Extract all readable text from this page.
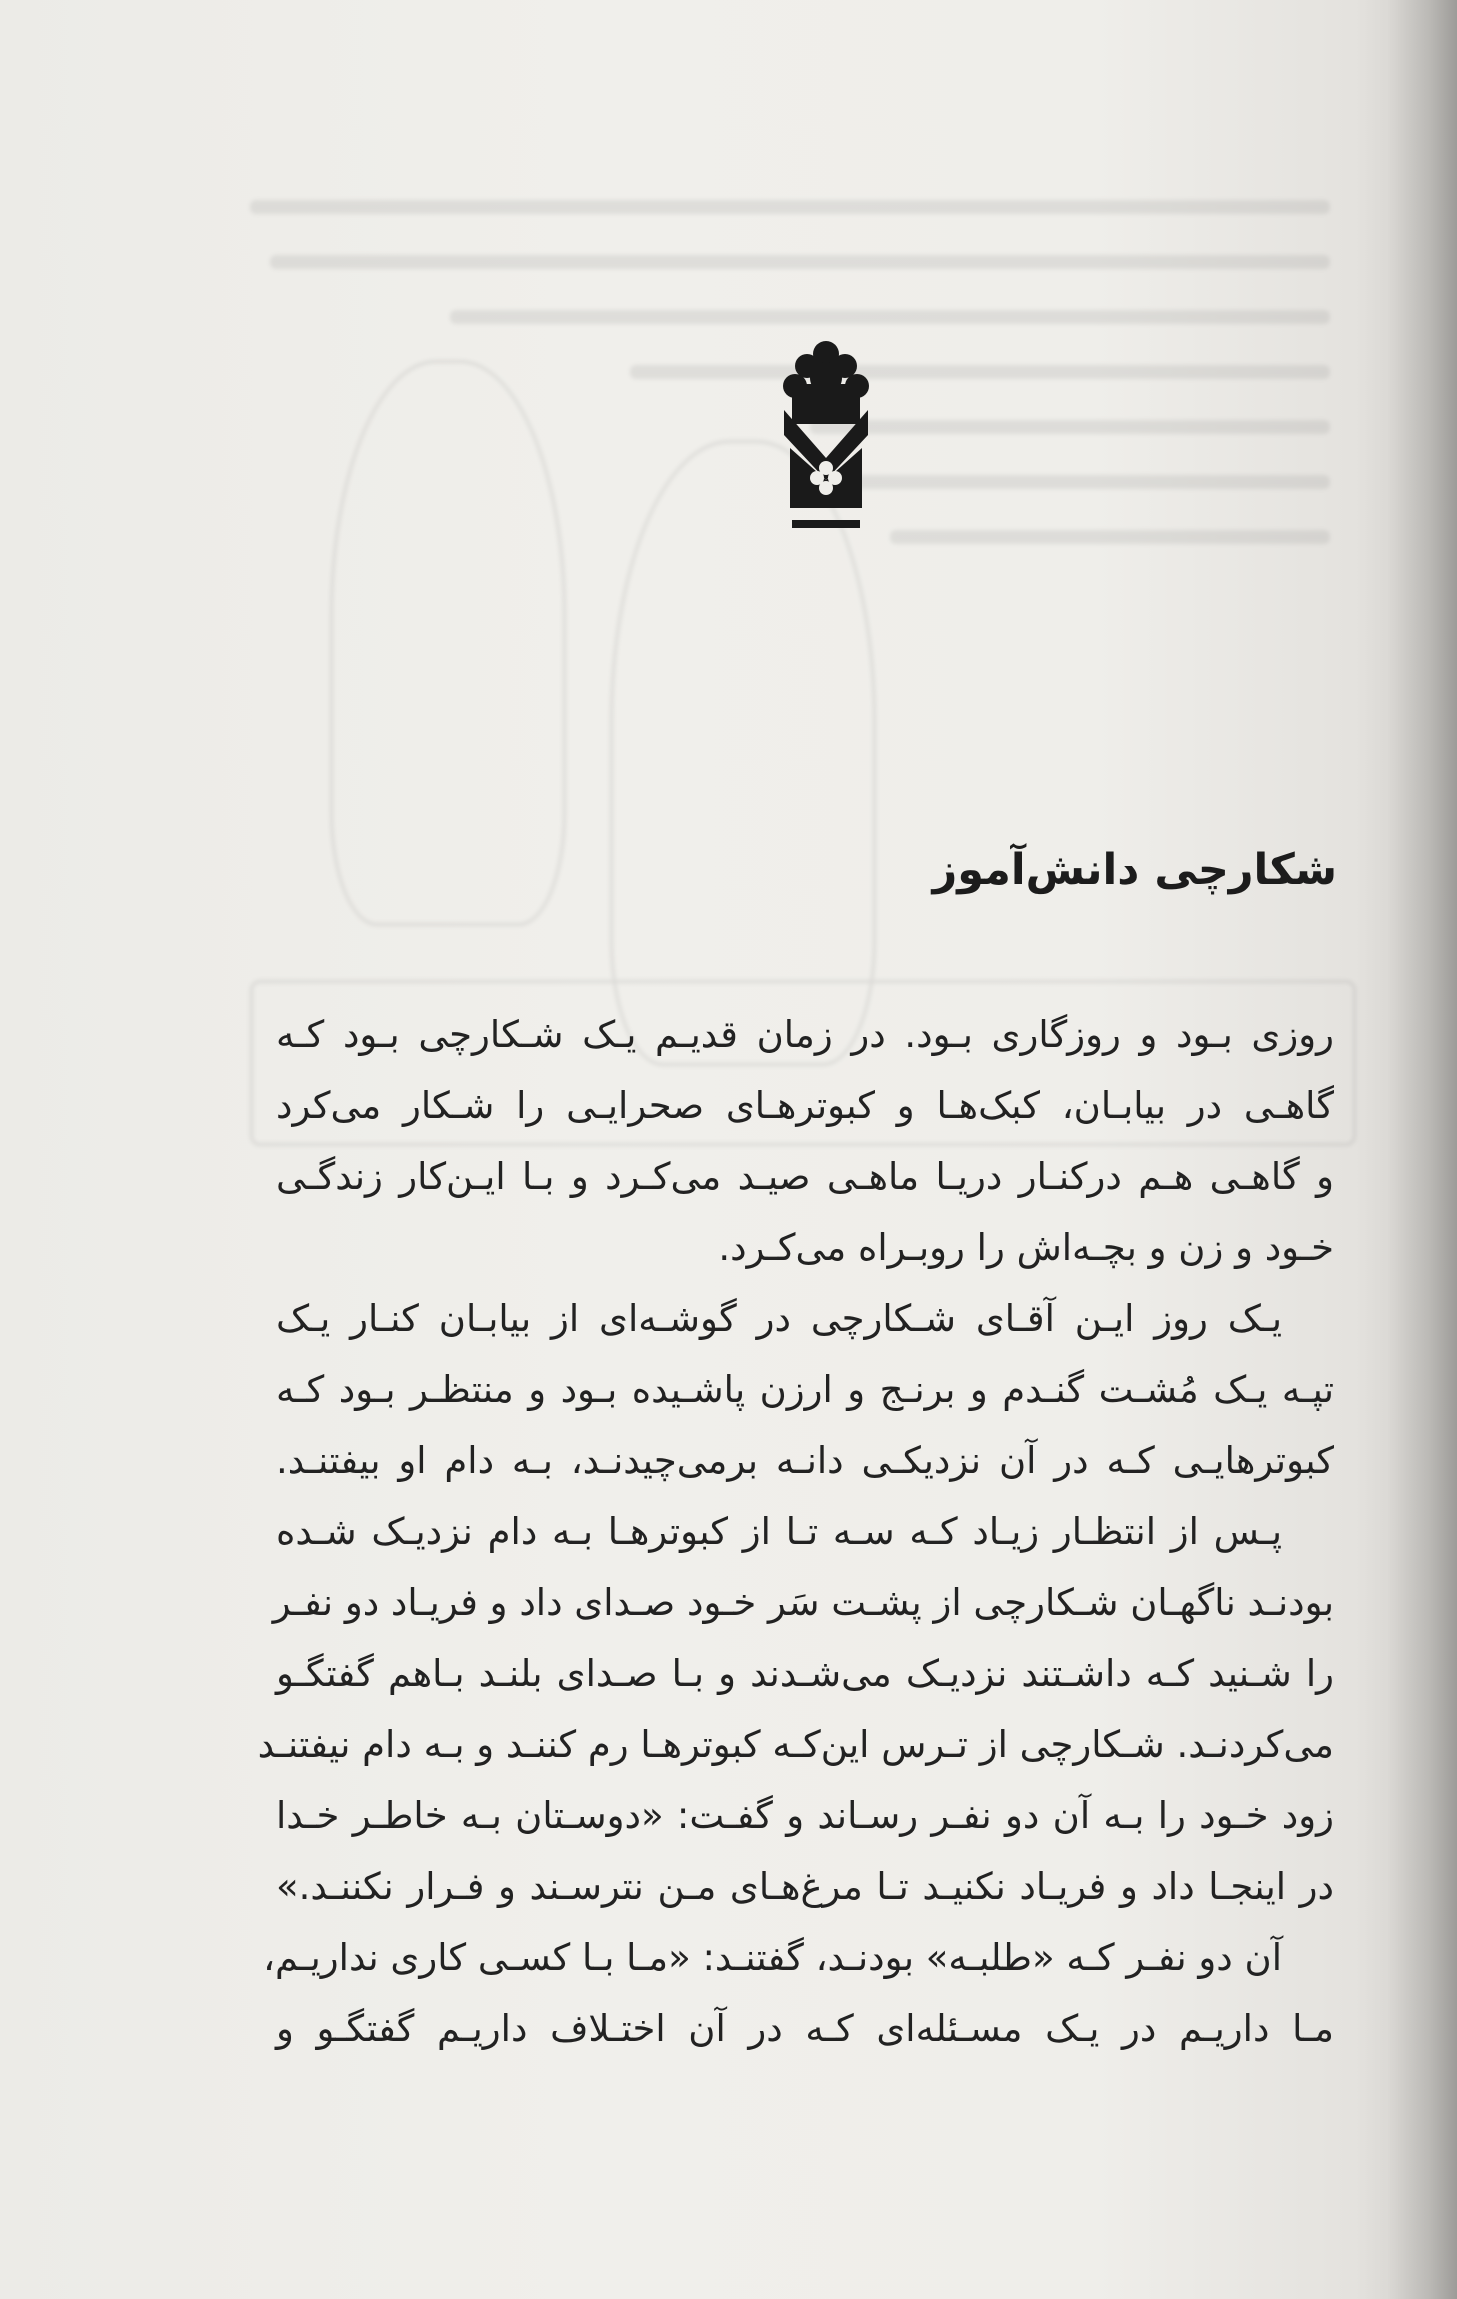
شکارچی دانش‌آموز
روزی بـود و روزگاری بـود. در زمان قدیـم یـک شـکارچی بـود کـه
گاهـی در بیابـان، کبک‌هـا و کبوترهـای صحرایـی را شـکار می‌کرد
و گاهـی هـم درکنـار دریـا ماهـی صیـد می‌کـرد و بـا ایـن‌کار زندگـی
خـود و زن و بچـه‌اش را روبـراه می‌کـرد.
یـک روز ایـن آقـای شـکارچی در گوشـه‌ای از بیابـان کنـار یـک
تپـه یـک مُشـت گنـدم و برنـج و ارزن پاشـیده بـود و منتظـر بـود کـه
کبوترهایـی کـه در آن نزدیکـی دانـه برمی‌چیدنـد، بـه دام او بیفتنـد.
پـس از انتظـار زیـاد کـه سـه تـا از کبوترهـا بـه دام نزدیـک شـده
بودنـد ناگهـان شـکارچی از پشـت سَر خـود صـدای داد و فریـاد دو نفـر
را شـنید کـه داشـتند نزدیـک می‌شـدند و بـا صـدای بلنـد بـاهم گفتگـو
می‌کردنـد. شـکارچی از تـرس این‌کـه کبوترهـا رم کننـد و بـه دام نیفتنـد
زود خـود را بـه آن دو نفـر رسـاند و گفـت: «دوسـتان بـه خاطـر خـدا
در اینجـا داد و فریـاد نکنیـد تـا مرغ‌هـای مـن نترسـند و فـرار نکننـد.»
آن دو نفـر کـه «طلبـه» بودنـد، گفتنـد: «مـا بـا کسـی کاری نداریـم،
مـا داریـم در یـک مسـئله‌ای کـه در آن اختـلاف داریـم گفتگـو و
